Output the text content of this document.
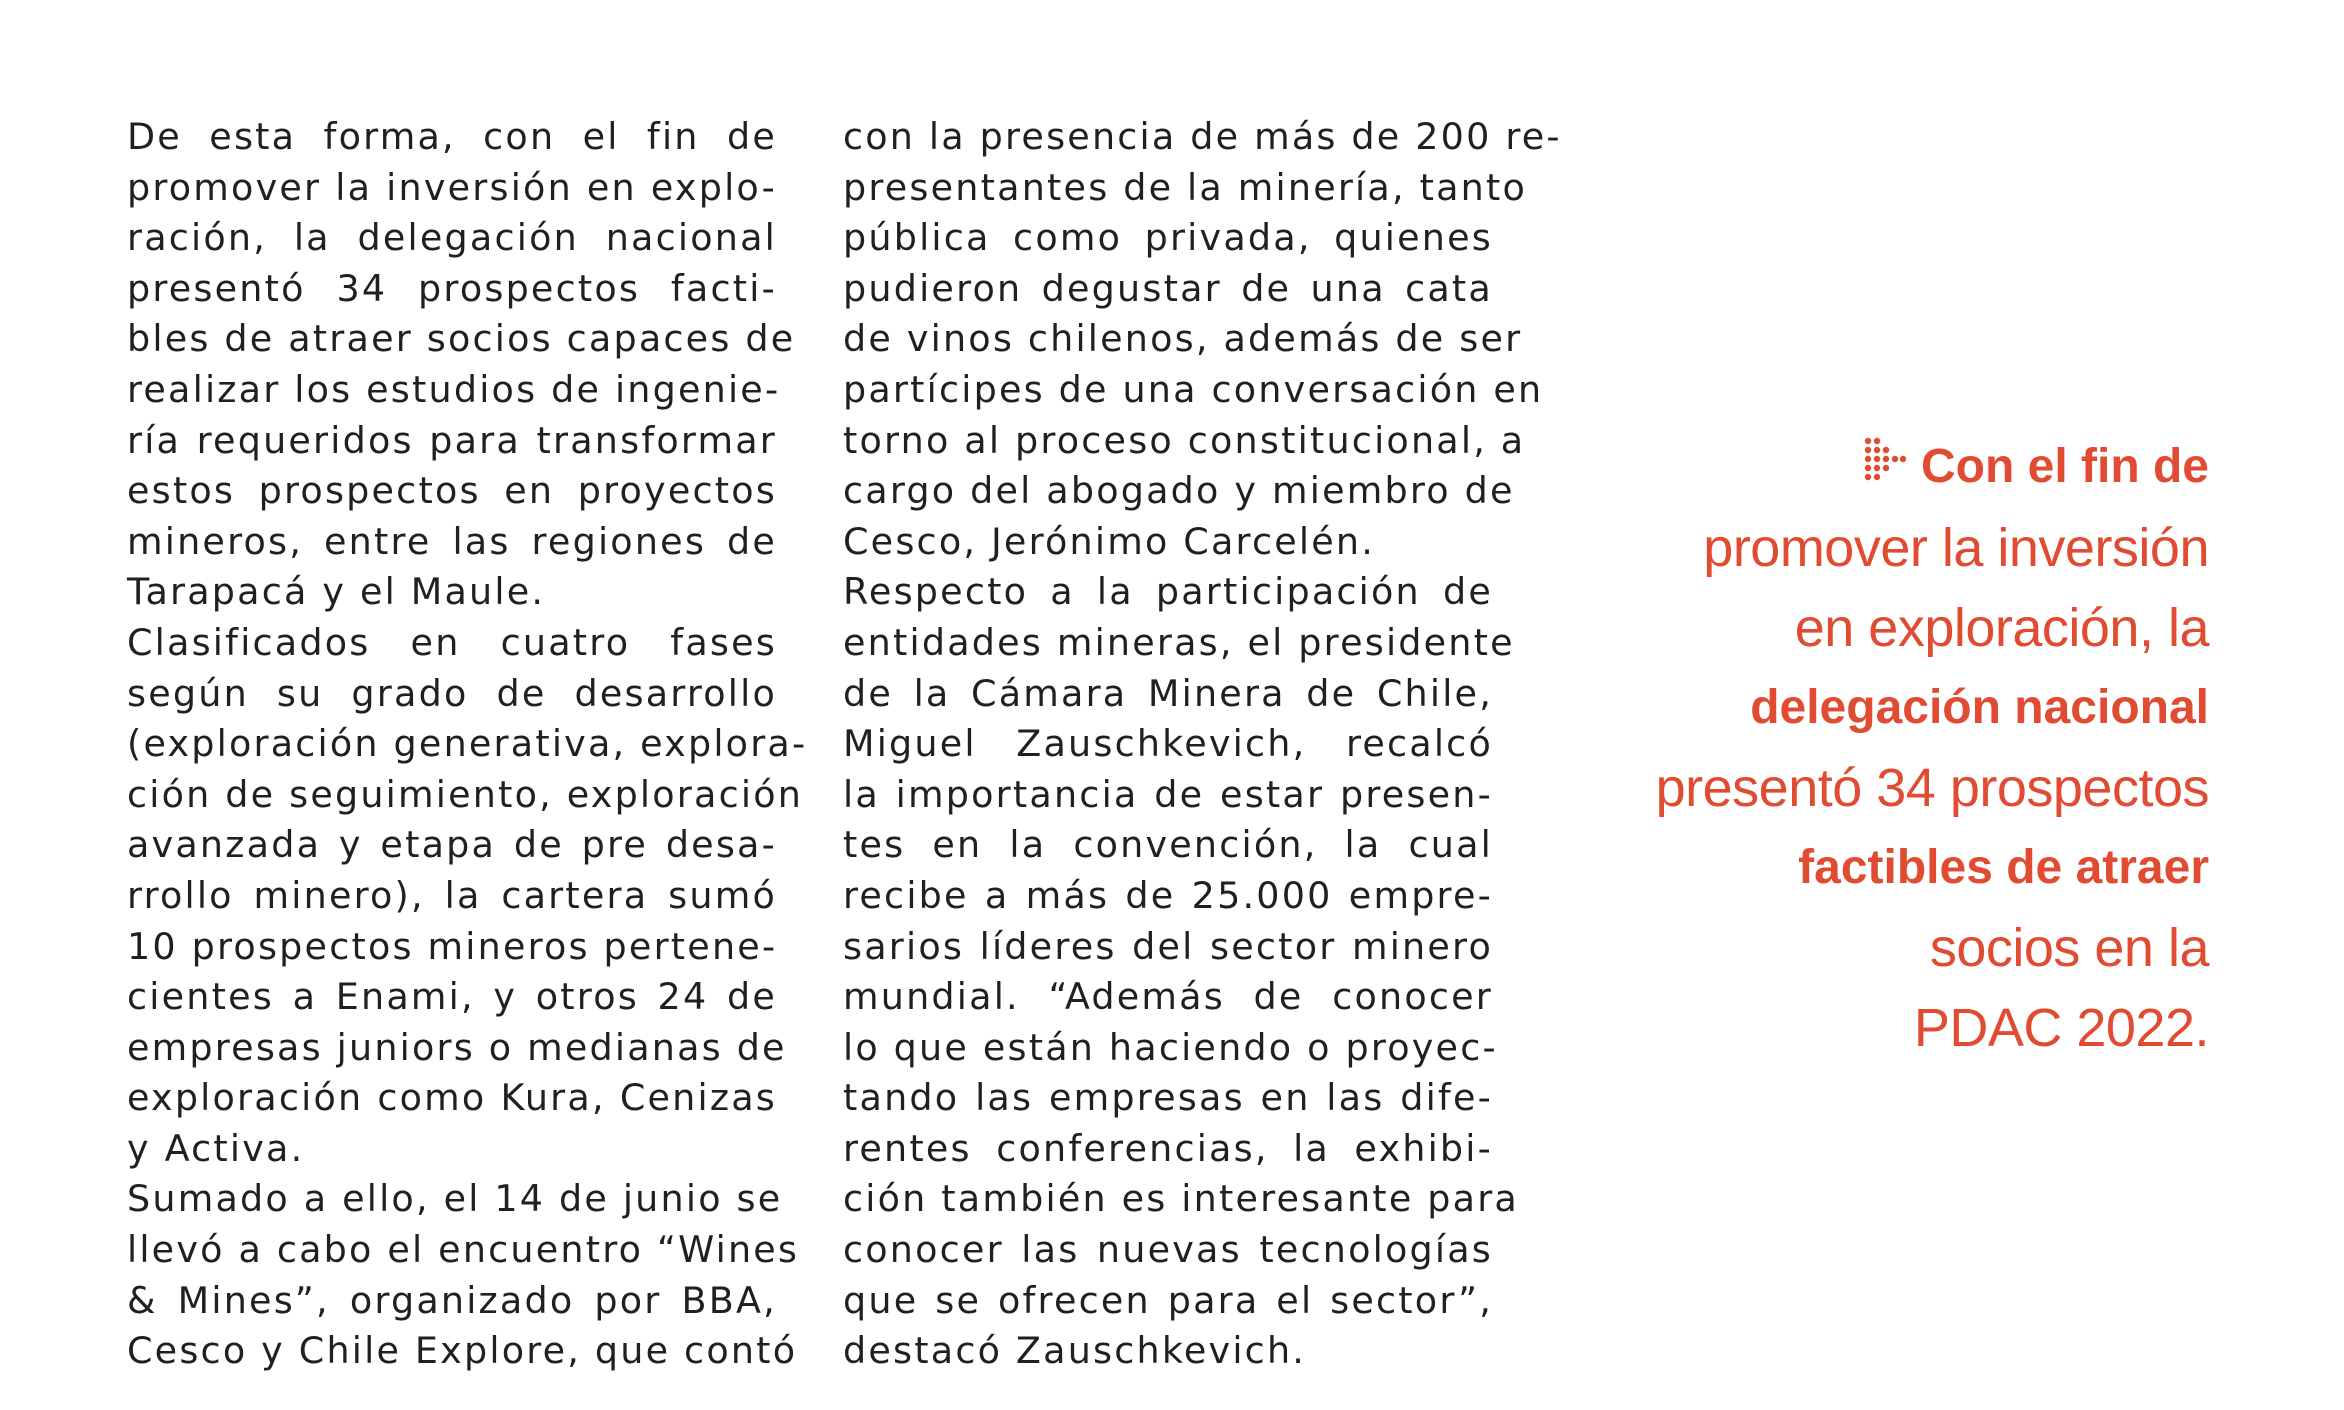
De esta forma, con el fin de
promover la inversión en explo-
ración, la delegación nacional
presentó 34 prospectos facti-
bles de atraer socios capaces de
realizar los estudios de ingenie-
ría requeridos para transformar
estos prospectos en proyectos
mineros, entre las regiones de
Tarapacá y el Maule.
Clasificados en cuatro fases
según su grado de desarrollo
(exploración generativa, explora-
ción de seguimiento, exploración
avanzada y etapa de pre desa-
rrollo minero), la cartera sumó
10 prospectos mineros pertene-
cientes a Enami, y otros 24 de
empresas juniors o medianas de
exploración como Kura, Cenizas
y Activa.
Sumado a ello, el 14 de junio se
llevó a cabo el encuentro “Wines
& Mines”, organizado por BBA,
Cesco y Chile Explore, que contó
con la presencia de más de 200 re-
presentantes de la minería, tanto
pública como privada, quienes
pudieron degustar de una cata
de vinos chilenos, además de ser
partícipes de una conversación en
torno al proceso constitucional, a
cargo del abogado y miembro de
Cesco, Jerónimo Carcelén.
Respecto a la participación de
entidades mineras, el presidente
de la Cámara Minera de Chile,
Miguel Zauschkevich, recalcó
la importancia de estar presen-
tes en la convención, la cual
recibe a más de 25.000 empre-
sarios líderes del sector minero
mundial. “Además de conocer
lo que están haciendo o proyec-
tando las empresas en las dife-
rentes conferencias, la exhibi-
ción también es interesante para
conocer las nuevas tecnologías
que se ofrecen para el sector”,
destacó Zauschkevich.
Con el fin de
promover la inversión
en exploración, la
delegación nacional
presentó 34 prospectos
factibles de atraer
socios en la
PDAC 2022.
